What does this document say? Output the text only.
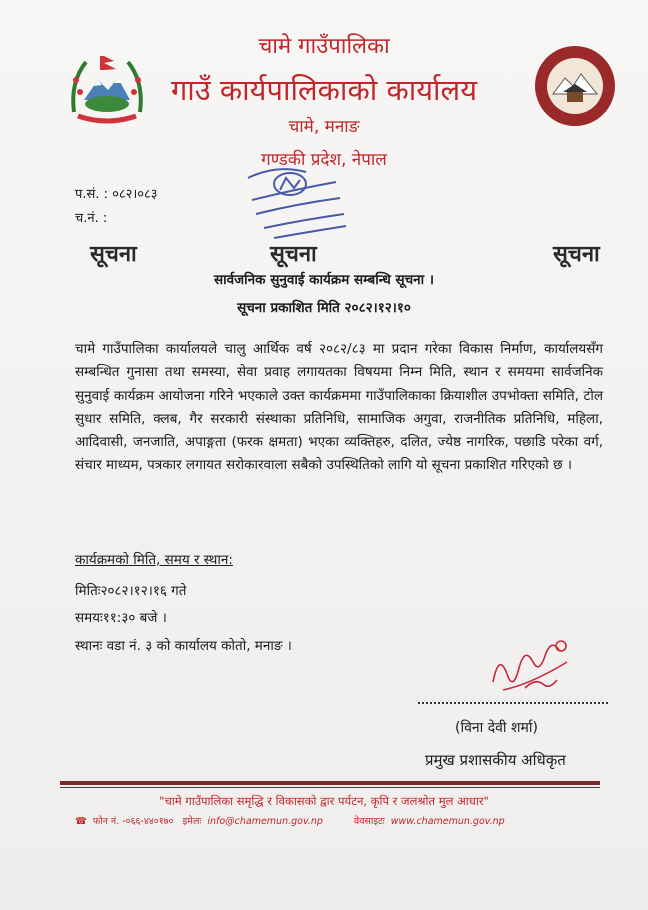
चामे गाउँपालिका
गाउँ कार्यपालिकाको कार्यालय
चामे, मनाङ
गण्डकी प्रदेश, नेपाल
प.सं. : ०८२।०८३
च.नं. :
सूचना	सूचना	सूचना
सार्वजनिक सुनुवाई कार्यक्रम सम्बन्धि सूचना ।
सूचना प्रकाशित मिति २०८२।१२।१०
चामे गाउँपालिका कार्यालयले चालु आर्थिक वर्ष २०८२/८३ मा प्रदान गरेका विकास निर्माण, कार्यालयसँग सम्बन्धित गुनासा तथा समस्या, सेवा प्रवाह लगायतका विषयमा निम्न मिति, स्थान र समयमा सार्वजनिक सुनुवाई कार्यक्रम आयोजना गरिने भएकाले उक्त कार्यक्रममा गाउँपालिकाका क्रियाशील उपभोक्ता समिति, टोल सुधार समिति, क्लब, गैर सरकारी संस्थाका प्रतिनिधि, सामाजिक अगुवा, राजनीतिक प्रतिनिधि, महिला, आदिवासी, जनजाति, अपाङ्गता (फरक क्षमता) भएका व्यक्तिहरु, दलित, ज्येष्ठ नागरिक, पछाडि परेका वर्ग, संचार माध्यम, पत्रकार लगायत सरोकारवाला सबैको उपस्थितिको लागि यो सूचना प्रकाशित गरिएको छ ।
कार्यक्रमको मिति, समय र स्थान:
मितिः२०८२।१२।१६ गते
समयः११:३० बजे ।
स्थानः वडा नं. ३ को कार्यालय कोतो, मनाङ ।
(विना देवी शर्मा)
प्रमुख प्रशासकीय अधिकृत
"चामे गाउँपालिका समृद्धि र विकासको द्वार पर्यटन, कृपि र जलश्रोत मुल आधार"
☎ फोन नं. -०६६-४४०१७० इमेलः info@chamemun.gov.np	वेवसाइटः www.chamemun.gov.np
